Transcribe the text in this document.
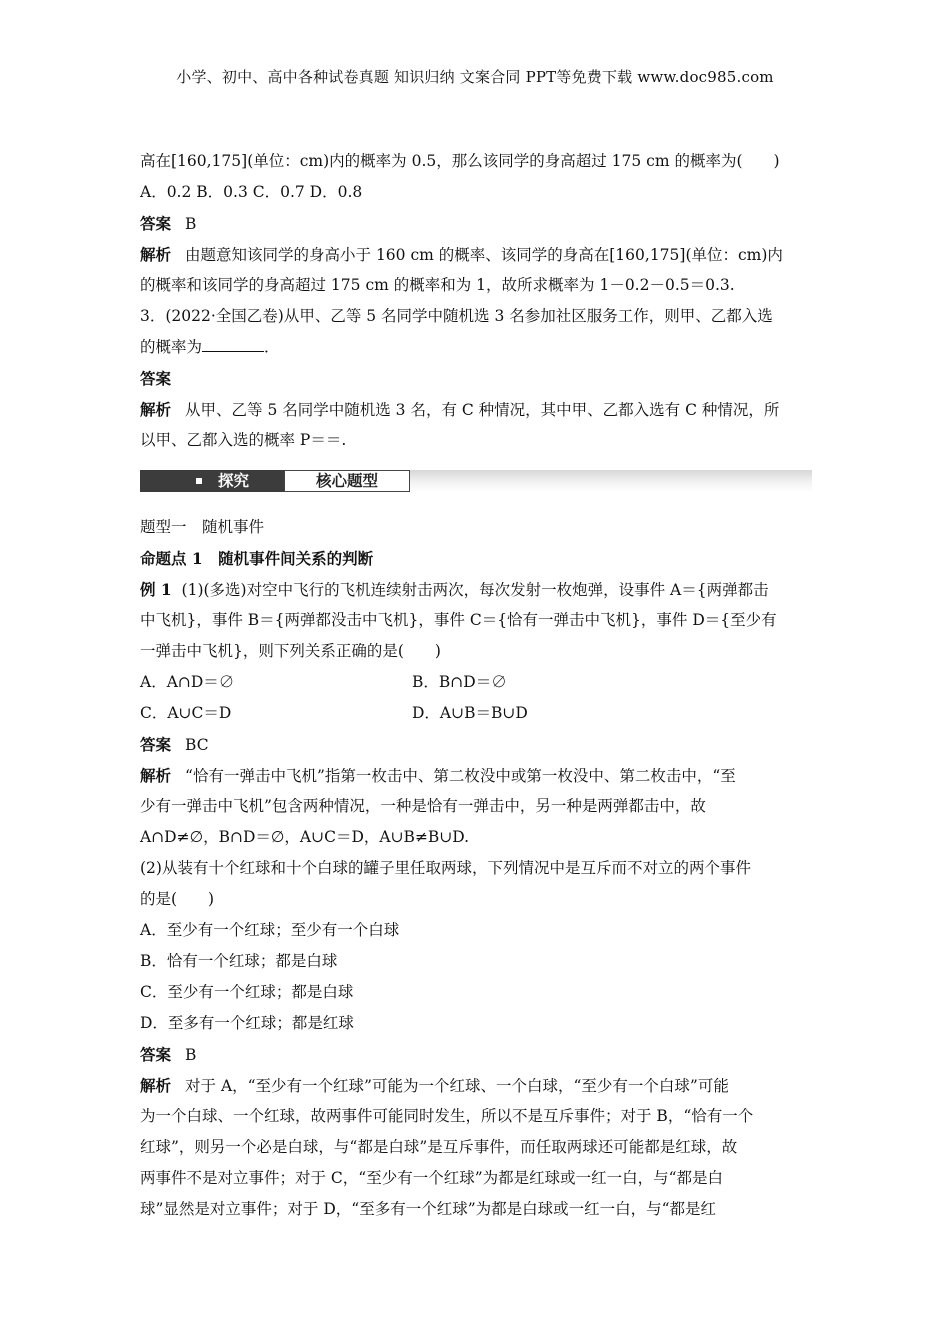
小学、初中、高中各种试卷真题 知识归纳 文案合同 PPT等免费下载 www.doc985.com
高在[160,175](单位：cm)内的概率为 0.5，那么该同学的身高超过 175 cm 的概率为(　　)
A．0.2 B．0.3 C．0.7 D．0.8
答案 B
解析 由题意知该同学的身高小于 160 cm 的概率、该同学的身高在[160,175](单位：cm)内
的概率和该同学的身高超过 175 cm 的概率和为 1，故所求概率为 1－0.2－0.5＝0.3.
3．(2022·全国乙卷)从甲、乙等 5 名同学中随机选 3 名参加社区服务工作，则甲、乙都入选
的概率为	．
答案
解析 从甲、乙等 5 名同学中随机选 3 名，有 C 种情况，其中甲、乙都入选有 C 种情况，所
以甲、乙都入选的概率 P＝＝.
探究	核心题型
题型一　随机事件
命题点 1　随机事件间关系的判断
例 1 (1)(多选)对空中飞行的飞机连续射击两次，每次发射一枚炮弹，设事件 A＝{两弹都击
中飞机}，事件 B＝{两弹都没击中飞机}，事件 C＝{恰有一弹击中飞机}，事件 D＝{至少有
一弹击中飞机}，则下列关系正确的是(　　)
A．A∩D＝∅	B．B∩D＝∅
C．A∪C＝D	D．A∪B＝B∪D
答案 BC
解析 “恰有一弹击中飞机”指第一枚击中、第二枚没中或第一枚没中、第二枚击中，“至
少有一弹击中飞机”包含两种情况，一种是恰有一弹击中，另一种是两弹都击中，故
A∩D≠∅，B∩D＝∅，A∪C＝D，A∪B≠B∪D.
(2)从装有十个红球和十个白球的罐子里任取两球，下列情况中是互斥而不对立的两个事件
的是(　　)
A．至少有一个红球；至少有一个白球
B．恰有一个红球；都是白球
C．至少有一个红球；都是白球
D．至多有一个红球；都是红球
答案 B
解析 对于 A，“至少有一个红球”可能为一个红球、一个白球，“至少有一个白球”可能
为一个白球、一个红球，故两事件可能同时发生，所以不是互斥事件；对于 B，“恰有一个
红球”，则另一个必是白球，与“都是白球”是互斥事件，而任取两球还可能都是红球，故
两事件不是对立事件；对于 C，“至少有一个红球”为都是红球或一红一白，与“都是白
球”显然是对立事件；对于 D，“至多有一个红球”为都是白球或一红一白，与“都是红
